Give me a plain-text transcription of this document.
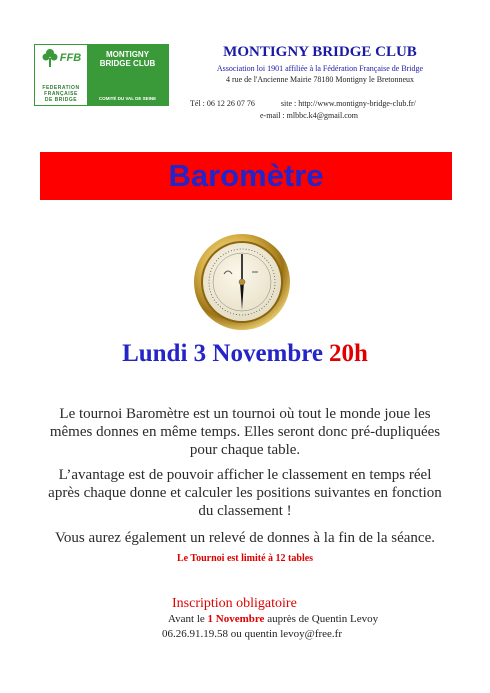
FFB
FEDERATION
FRANÇAISE
DE BRIDGE
MONTIGNY
BRIDGE CLUB
COMITÉ DU VAL DE SEINE
MONTIGNY BRIDGE CLUB
Association loi 1901 affiliée à la Fédération Française de Bridge
4 rue de l'Ancienne Mairie 78180 Montigny le Bretonneux
Tél : 06 12 26 07 76	site : http://www.montigny-bridge-club.fr/
e-mail : mlbbc.k4@gmail.com
Baromètre
Lundi 3 Novembre 20h
Le tournoi Baromètre est un tournoi où tout le monde joue les
mêmes donnes en même temps. Elles seront donc pré-dupliquées
pour chaque table.
L’avantage est de pouvoir afficher le classement en temps réel
après chaque donne et calculer les positions suivantes en fonction
du classement !
Vous aurez également un relevé de donnes à la fin de la séance.
Le Tournoi est limité à 12 tables
Inscription obligatoire
Avant le 1 Novembre auprès de Quentin Levoy
06.26.91.19.58 ou quentin levoy@free.fr
